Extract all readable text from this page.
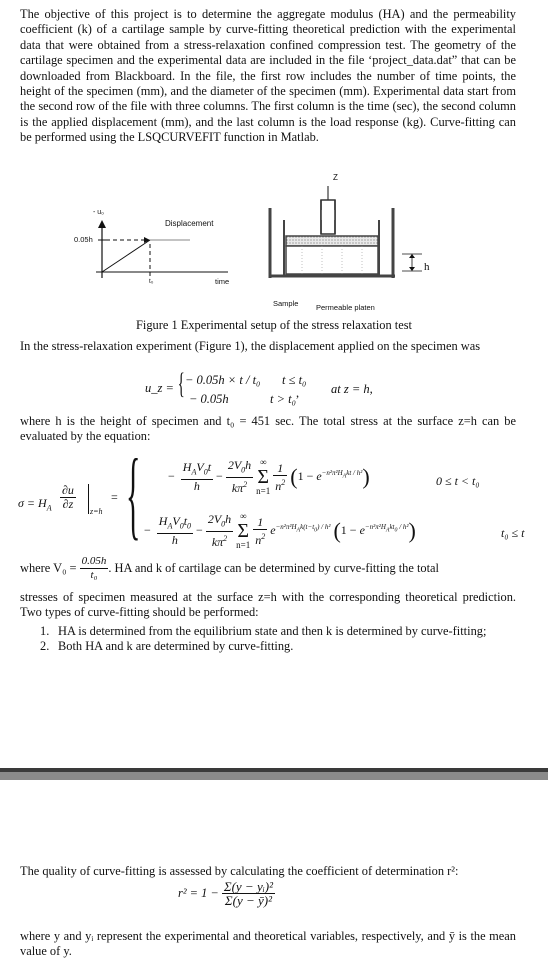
The objective of this project is to determine the aggregate modulus (HA) and the permeability coefficient (k) of a cartilage sample by curve-fitting theoretical prediction with the experimental data that were obtained from a stress-relaxation confined compression test. The geometry of the cartilage specimen and the experimental data are included in the file ‘project_data.dat” that can be downloaded from Blackboard. In the file, the first row includes the number of time points, the height of the specimen (mm), and the diameter of the specimen (mm). Experimental data start from the second row of the file with three columns. The first column is the time (sec), the second column is the applied displacement (mm), and the last column is the load response (kg). Curve-fitting can be performed using the LSQCURVEFIT function in Matlab.
- u₀
0.05h
Displacement
t₀	time
Z
h
Sample Permeable platen
Figure 1 Experimental setup of the stress relaxation test
In the stress-relaxation experiment (Figure 1), the displacement applied on the specimen was
u_z = { − 0.05h × t / t₀ t ≤ t₀
− 0.05h	t > t₀ ,	at z = h,
where h is the height of specimen and t₀ = 451 sec. The total stress at the surface z=h can be evaluated by the equation:
$\sigma = H_A \frac{\partial u}{\partial z}$
z=h
= { − $\frac{H_AV_0t}{h} - \frac{2V_0h}{k\pi^2}$ ∞
Σ
$n=1 \frac{1}{n^2} (1 - e^{-n^2\pi^2H_Akt / h^2})$	0 ≤ t < t₀
− $\frac{H_AV_0t_0}{h} - \frac{2V_0h}{k\pi^2}$ ∞
Σ
$n=1 \frac{1}{n^2} e^{-n^2\pi^2H_Ak(t-t_0) / h^2}$ $(1 - e^{-n^2\pi^2H_Akt_0 / h^2})$	t₀ ≤ t
where $V_0 = \frac{0.05h}{\text{t₀}}$ . HA and k of cartilage can be determined by curve-fitting the total
stresses of specimen measured at the surface z=h with the corresponding theoretical prediction. Two types of curve-fitting should be performed:
1. HA is determined from the equilibrium state and then k is determined by curve-fitting;
2. Both HA and k are determined by curve-fitting.
The quality of curve-fitting is assessed by calculating the coefficient of determination r²:
$r^2 = 1 - \frac{\text{Σ(y − yᵢ)²}}{\text{Σ(y − ȳ)²}}$
where y and yᵢ represent the experimental and theoretical variables, respectively, and ȳ is the mean value of y.
